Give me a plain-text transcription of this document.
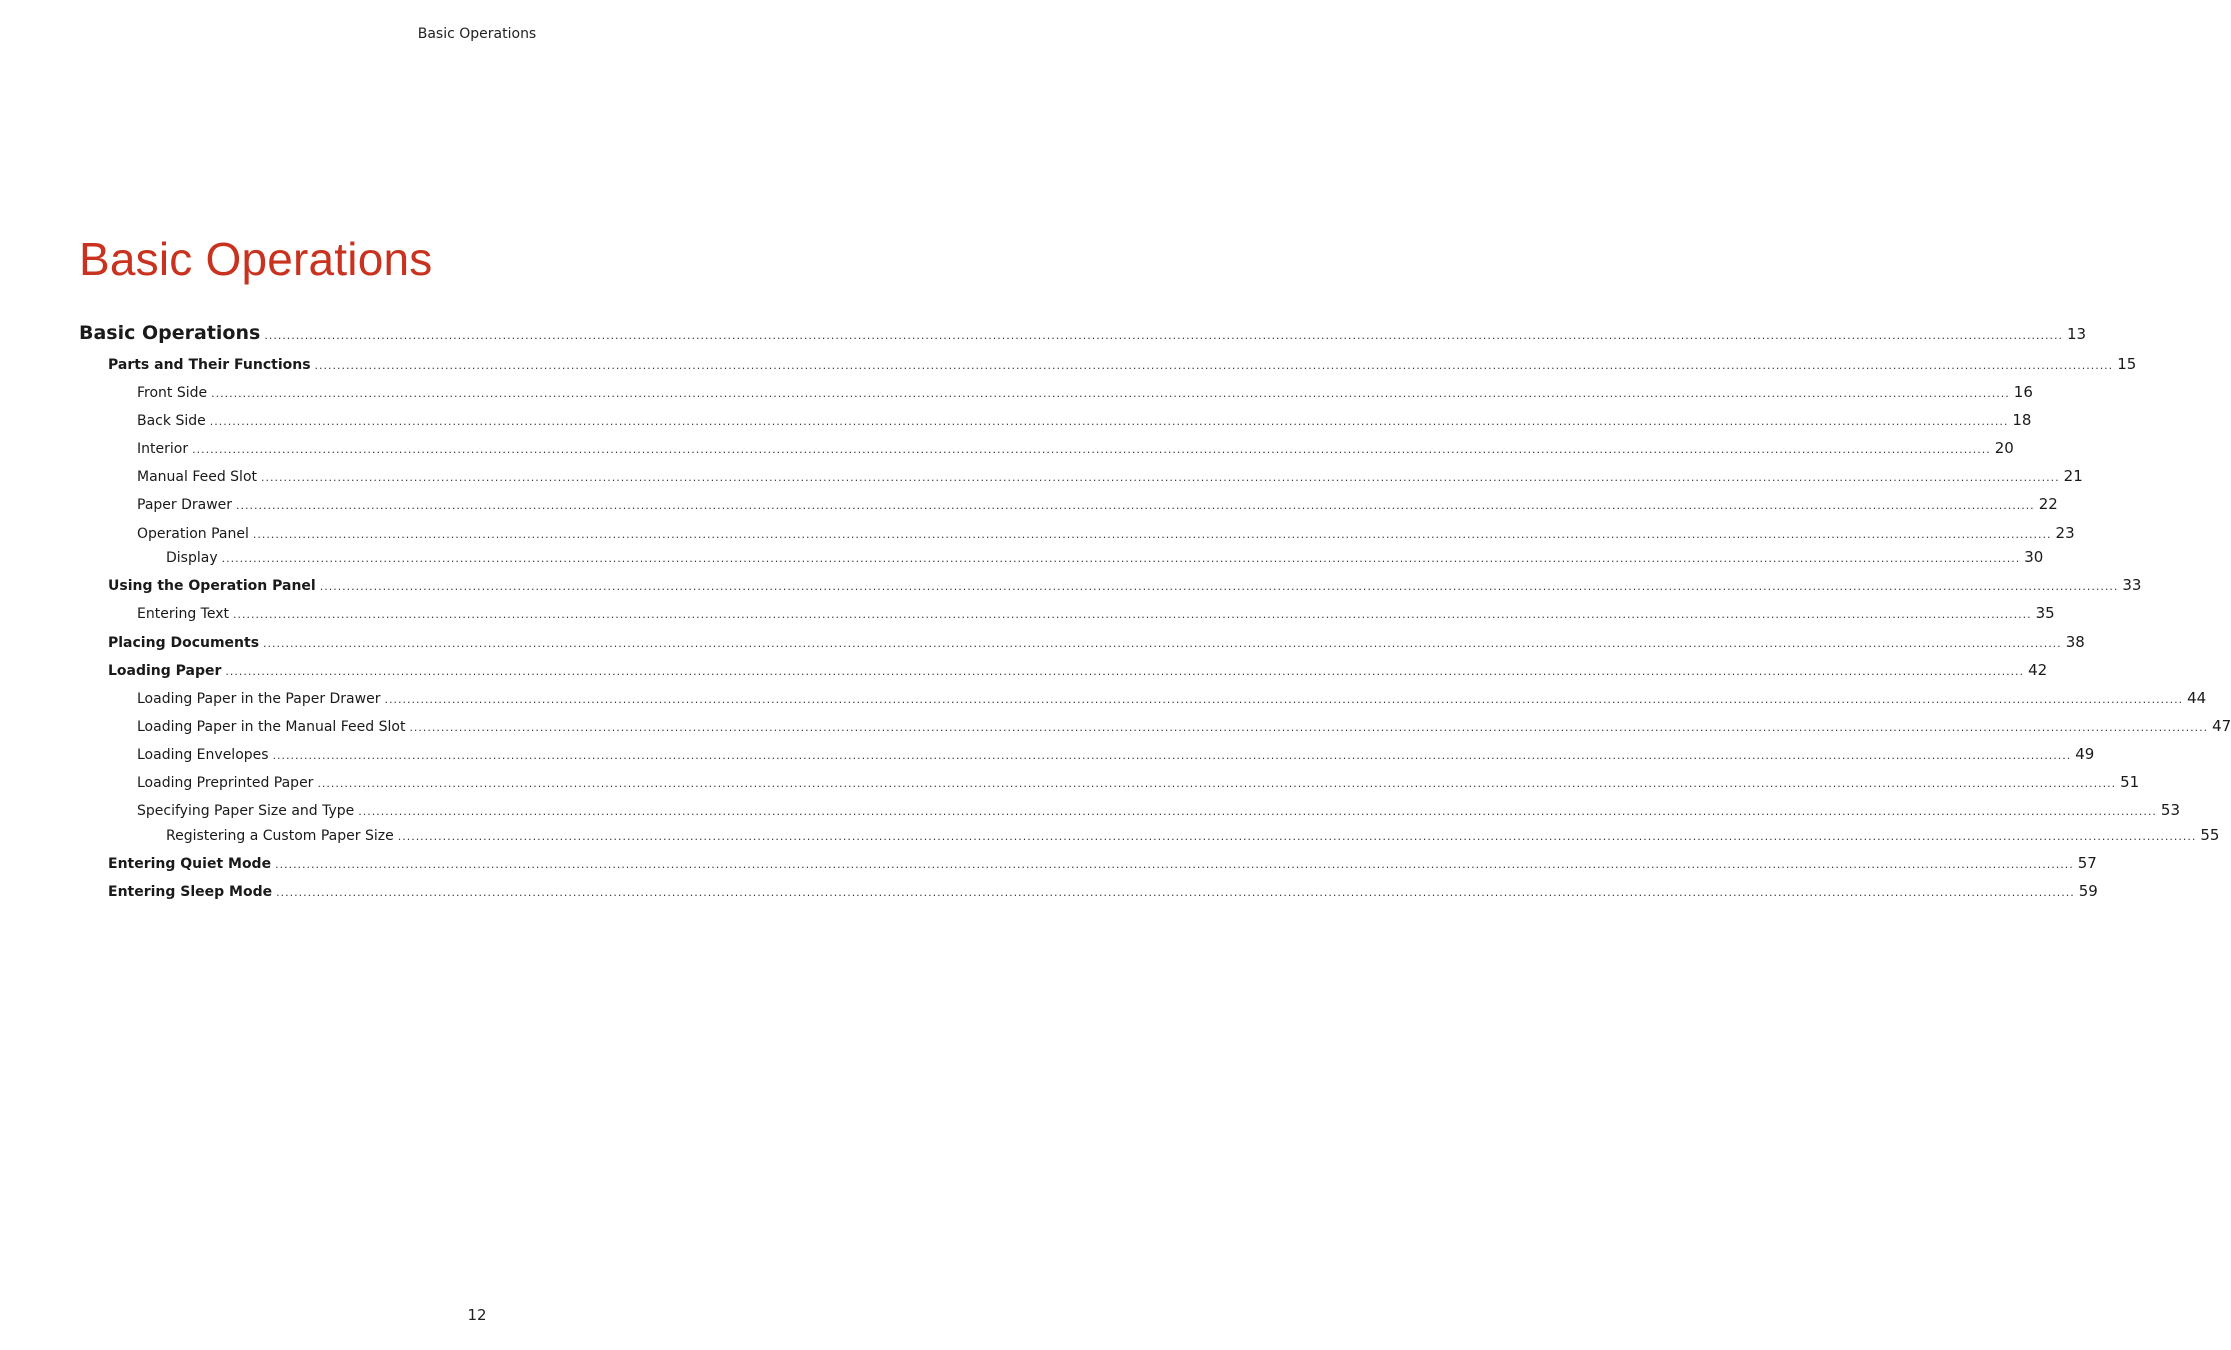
Basic Operations
Basic Operations
Basic Operations ................................................................................................................................................................................................................................................................................................................................................................................................................ 13
Parts and Their Functions ................................................................................................................................................................................................................................................................................................................................................................................................................ 15
Front Side ................................................................................................................................................................................................................................................................................................................................................................................................................ 16
Back Side ................................................................................................................................................................................................................................................................................................................................................................................................................ 18
Interior ................................................................................................................................................................................................................................................................................................................................................................................................................ 20
Manual Feed Slot ................................................................................................................................................................................................................................................................................................................................................................................................................ 21
Paper Drawer ................................................................................................................................................................................................................................................................................................................................................................................................................ 22
Operation Panel ................................................................................................................................................................................................................................................................................................................................................................................................................ 23
Display ................................................................................................................................................................................................................................................................................................................................................................................................................ 30
Using the Operation Panel ................................................................................................................................................................................................................................................................................................................................................................................................................ 33
Entering Text ................................................................................................................................................................................................................................................................................................................................................................................................................ 35
Placing Documents ................................................................................................................................................................................................................................................................................................................................................................................................................ 38
Loading Paper ................................................................................................................................................................................................................................................................................................................................................................................................................ 42
Loading Paper in the Paper Drawer ................................................................................................................................................................................................................................................................................................................................................................................................................ 44
Loading Paper in the Manual Feed Slot ................................................................................................................................................................................................................................................................................................................................................................................................................ 47
Loading Envelopes ................................................................................................................................................................................................................................................................................................................................................................................................................ 49
Loading Preprinted Paper ................................................................................................................................................................................................................................................................................................................................................................................................................ 51
Specifying Paper Size and Type ................................................................................................................................................................................................................................................................................................................................................................................................................ 53
Registering a Custom Paper Size ................................................................................................................................................................................................................................................................................................................................................................................................................ 55
Entering Quiet Mode ................................................................................................................................................................................................................................................................................................................................................................................................................ 57
Entering Sleep Mode ................................................................................................................................................................................................................................................................................................................................................................................................................ 59
12
